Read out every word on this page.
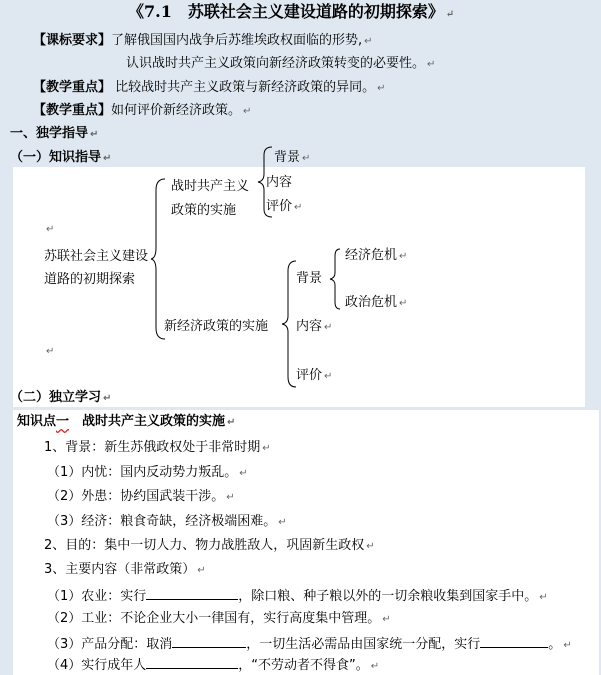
《7.1　苏联社会主义建设道路的初期探索》 ↵
【课标要求】了解俄国国内战争后苏维埃政权面临的形势, ↵
认识战时共产主义政策向新经济政策转变的必要性。 ↵
【教学重点】 比较战时共产主义政策与新经济政策的异同。 ↵
【教学重点】如何评价新经济政策。 ↵
一、独学指导 ↵
（一）知识指导 ↵
↵
苏联社会主义建设
道路的初期探索
↵
战时共产主义
政策的实施
背景 ↵
内容
评价 ↵
新经济政策的实施
背景
经济危机 ↵
政治危机 ↵
内容 ↵
评价 ↵
（二）独立学习 ↵
知识点一　战时共产主义政策的实施 ↵
1、背景：新生苏俄政权处于非常时期 ↵
（1）内忧：国内反动势力叛乱。 ↵
（2）外患：协约国武装干涉。 ↵
（3）经济：粮食奇缺，经济极端困难。 ↵
2、目的：集中一切人力、物力战胜敌人，巩固新生政权 ↵
3、主要内容（非常政策） ↵
（1）农业：实行	，除口粮、种子粮以外的一切余粮收集到国家手中。 ↵
（2）工业：不论企业大小一律国有，实行高度集中管理。 ↵
（3）产品分配：取消	，一切生活必需品由国家统一分配，实行	。 ↵
（4）实行成年人	，“不劳动者不得食”。 ↵
